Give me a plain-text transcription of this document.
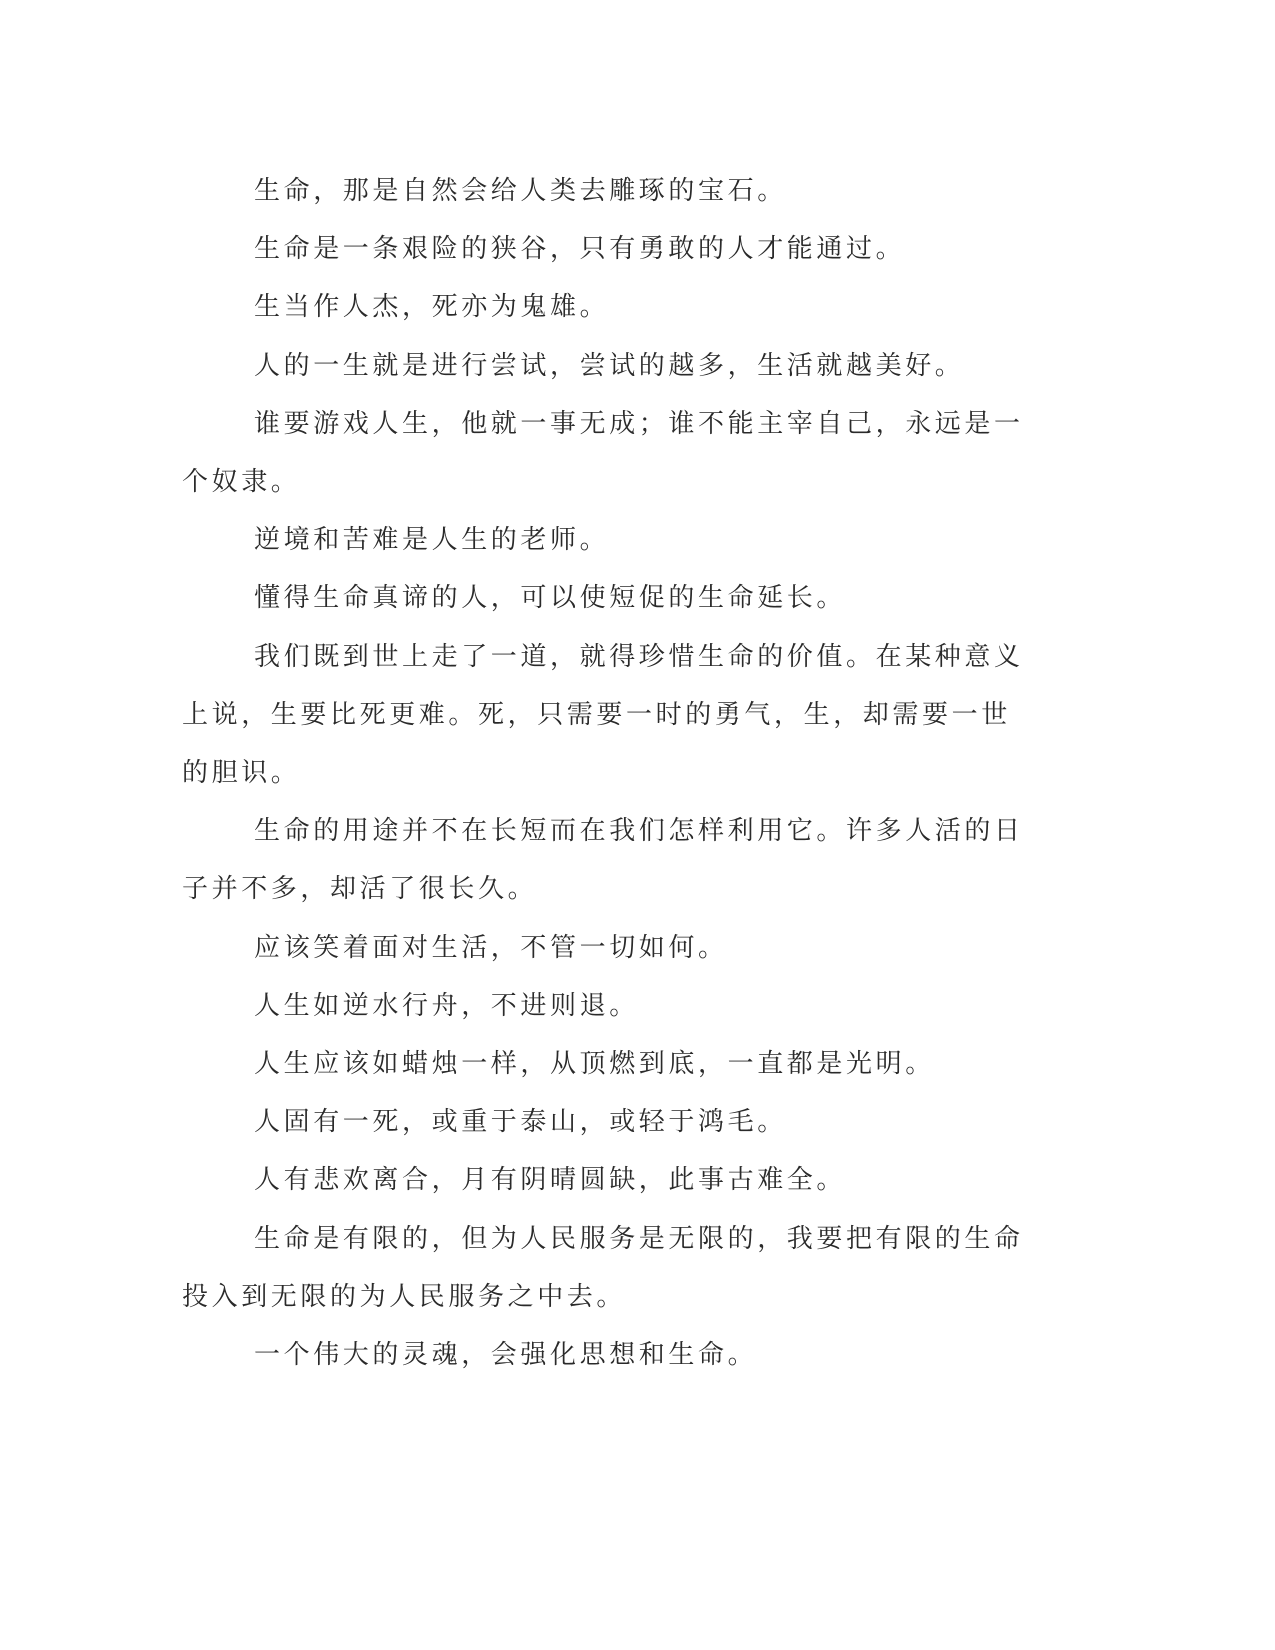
生命，那是自然会给人类去雕琢的宝石。

生命是一条艰险的狭谷，只有勇敢的人才能通过。

生当作人杰，死亦为鬼雄。

人的一生就是进行尝试，尝试的越多，生活就越美好。

谁要游戏人生，他就一事无成；谁不能主宰自己，永远是一个奴隶。

逆境和苦难是人生的老师。

懂得生命真谛的人，可以使短促的生命延长。

我们既到世上走了一道，就得珍惜生命的价值。在某种意义上说，生要比死更难。死，只需要一时的勇气，生，却需要一世的胆识。

生命的用途并不在长短而在我们怎样利用它。许多人活的日子并不多，却活了很长久。

应该笑着面对生活，不管一切如何。

人生如逆水行舟，不进则退。

人生应该如蜡烛一样，从顶燃到底，一直都是光明。

人固有一死，或重于泰山，或轻于鸿毛。

人有悲欢离合，月有阴晴圆缺，此事古难全。

生命是有限的，但为人民服务是无限的，我要把有限的生命投入到无限的为人民服务之中去。

一个伟大的灵魂，会强化思想和生命。
